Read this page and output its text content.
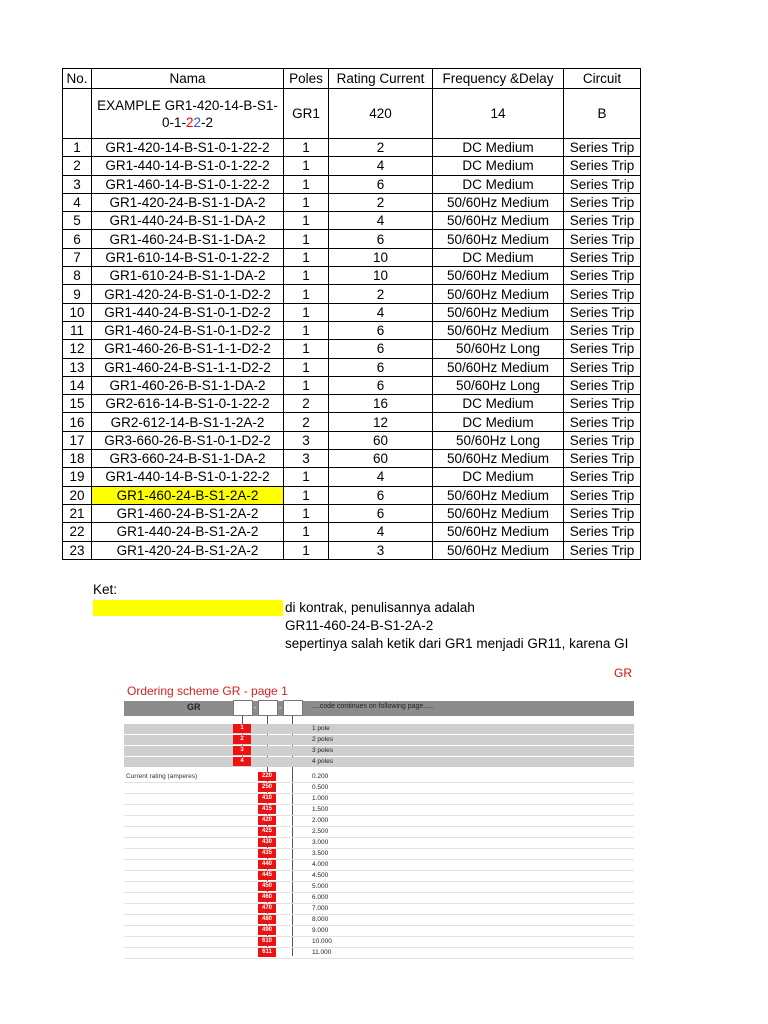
No.	Nama	Poles	Rating Current	Frequency &Delay	Circuit
	EXAMPLE GR1-420-14-B-S1-
0-1-22-2	GR1	420	14	B
1	GR1-420-14-B-S1-0-1-22-2	1	2	DC Medium	Series Trip
2	GR1-440-14-B-S1-0-1-22-2	1	4	DC Medium	Series Trip
3	GR1-460-14-B-S1-0-1-22-2	1	6	DC Medium	Series Trip
4	GR1-420-24-B-S1-1-DA-2	1	2	50/60Hz Medium	Series Trip
5	GR1-440-24-B-S1-1-DA-2	1	4	50/60Hz Medium	Series Trip
6	GR1-460-24-B-S1-1-DA-2	1	6	50/60Hz Medium	Series Trip
7	GR1-610-14-B-S1-0-1-22-2	1	10	DC Medium	Series Trip
8	GR1-610-24-B-S1-1-DA-2	1	10	50/60Hz Medium	Series Trip
9	GR1-420-24-B-S1-0-1-D2-2	1	2	50/60Hz Medium	Series Trip
10	GR1-440-24-B-S1-0-1-D2-2	1	4	50/60Hz Medium	Series Trip
11	GR1-460-24-B-S1-0-1-D2-2	1	6	50/60Hz Medium	Series Trip
12	GR1-460-26-B-S1-1-1-D2-2	1	6	50/60Hz Long	Series Trip
13	GR1-460-24-B-S1-1-1-D2-2	1	6	50/60Hz Medium	Series Trip
14	GR1-460-26-B-S1-1-DA-2	1	6	50/60Hz Long	Series Trip
15	GR2-616-14-B-S1-0-1-22-2	2	16	DC Medium	Series Trip
16	GR2-612-14-B-S1-1-2A-2	2	12	DC Medium	Series Trip
17	GR3-660-26-B-S1-0-1-D2-2	3	60	50/60Hz Long	Series Trip
18	GR3-660-24-B-S1-1-DA-2	3	60	50/60Hz Medium	Series Trip
19	GR1-440-14-B-S1-0-1-22-2	1	4	DC Medium	Series Trip
20	GR1-460-24-B-S1-2A-2	1	6	50/60Hz Medium	Series Trip
21	GR1-460-24-B-S1-2A-2	1	6	50/60Hz Medium	Series Trip
22	GR1-440-24-B-S1-2A-2	1	4	50/60Hz Medium	Series Trip
23	GR1-420-24-B-S1-2A-2	1	3	50/60Hz Medium	Series Trip
Ket:
di kontrak, penulisannya adalah
GR11-460-24-B-S1-2A-2
sepertinya salah ketik dari GR1 menjadi GR11, karena GI
GR
Ordering scheme GR - page 1
GR	-	-	....code continues on following page.....
1	1 pole
2	2 poles
3	3 poles
4	4 poles
Current rating (amperes)	220	0.200
250	0.500
410	1.000
415	1.500
420	2.000
425	2.500
430	3.000
435	3.500
440	4.000
445	4.500
450	5.000
460	6.000
470	7.000
480	8.000
490	9.000
610	10.000
611	11.000
